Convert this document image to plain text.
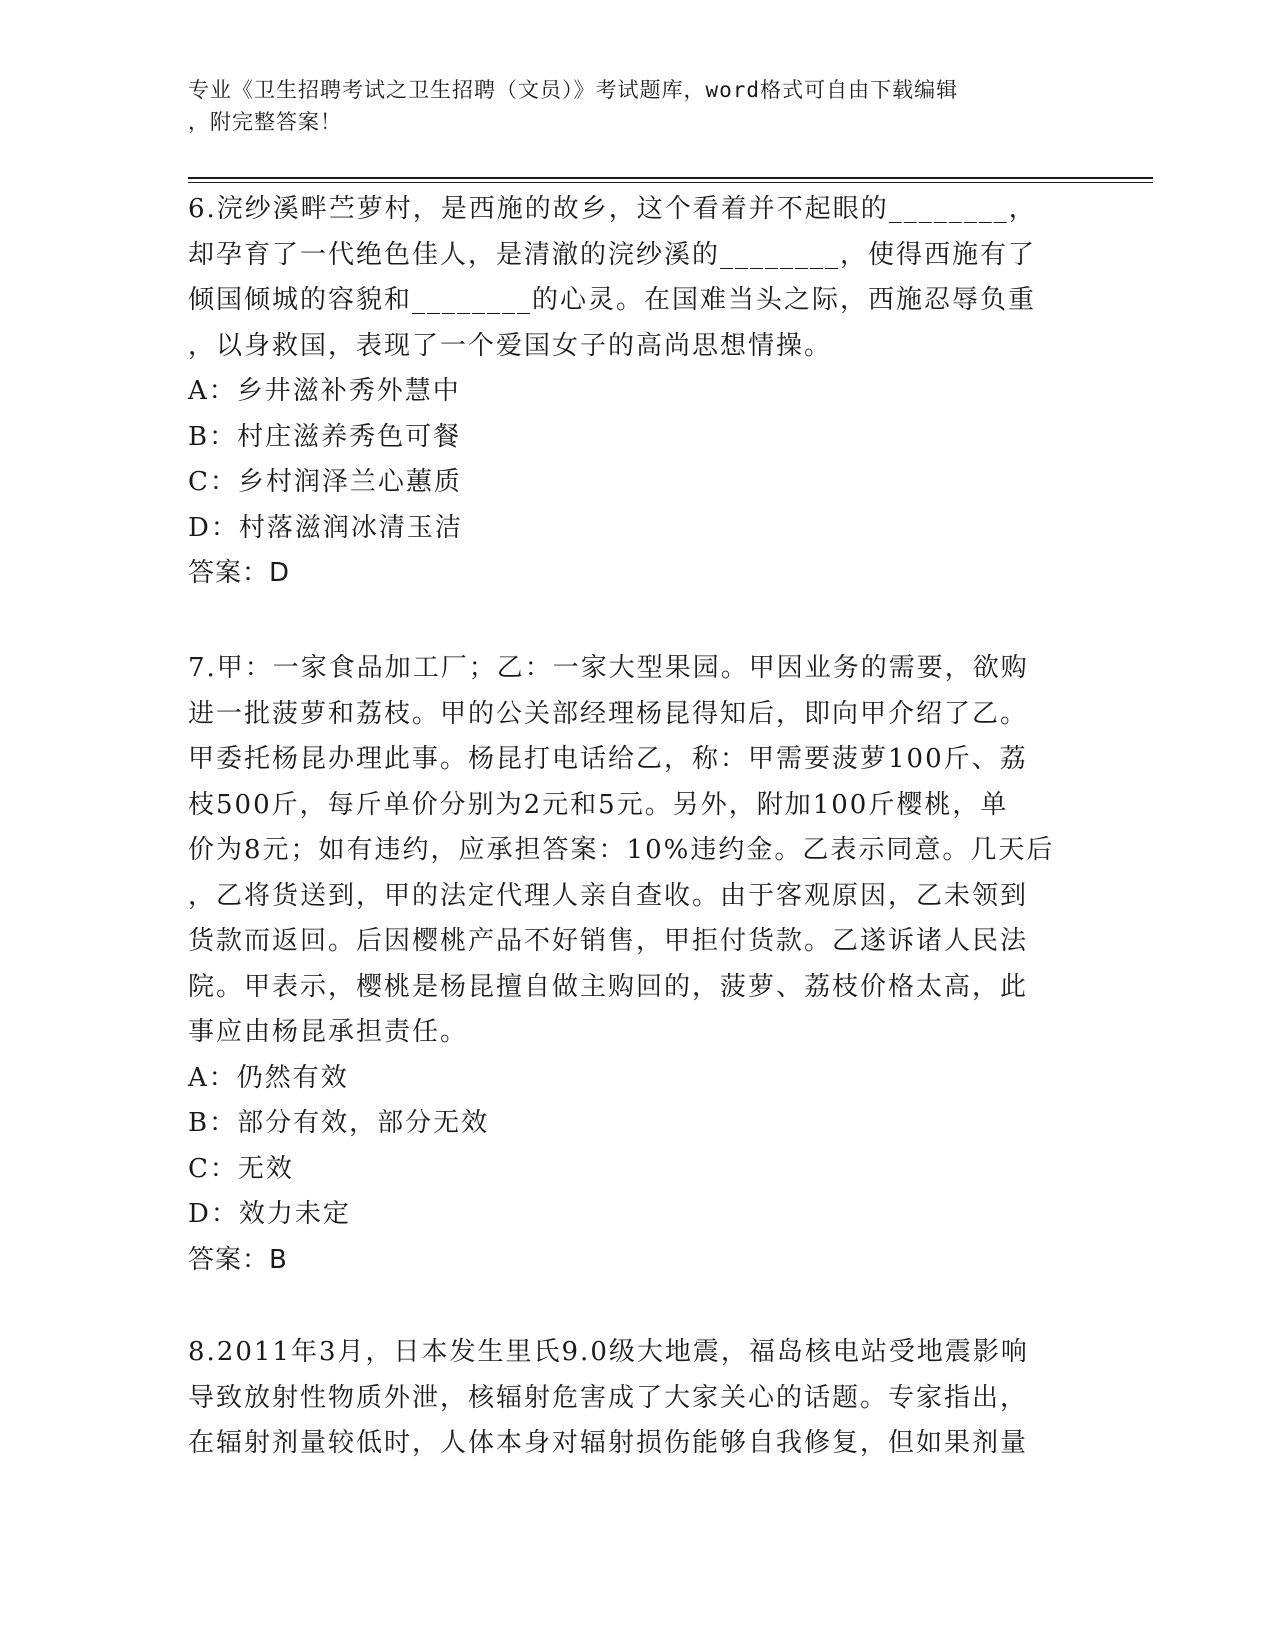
专业《卫生招聘考试之卫生招聘（文员）》考试题库，word格式可自由下载编辑
，附完整答案！
6.浣纱溪畔苎萝村，是西施的故乡，这个看着并不起眼的________，
却孕育了一代绝色佳人，是清澈的浣纱溪的________，使得西施有了
倾国倾城的容貌和________的心灵。在国难当头之际，西施忍辱负重
，以身救国，表现了一个爱国女子的高尚思想情操。
A：乡井滋补秀外慧中
B：村庄滋养秀色可餐
C：乡村润泽兰心蕙质
D：村落滋润冰清玉洁
答案：D
7.甲：一家食品加工厂；乙：一家大型果园。甲因业务的需要，欲购
进一批菠萝和荔枝。甲的公关部经理杨昆得知后，即向甲介绍了乙。
甲委托杨昆办理此事。杨昆打电话给乙，称：甲需要菠萝100斤、荔
枝500斤，每斤单价分别为2元和5元。另外，附加100斤樱桃，单
价为8元；如有违约，应承担答案：10%违约金。乙表示同意。几天后
，乙将货送到，甲的法定代理人亲自查收。由于客观原因，乙未领到
货款而返回。后因樱桃产品不好销售，甲拒付货款。乙遂诉诸人民法
院。甲表示，樱桃是杨昆擅自做主购回的，菠萝、荔枝价格太高，此
事应由杨昆承担责任。
A：仍然有效
B：部分有效，部分无效
C：无效
D：效力未定
答案：B
8.2011年3月，日本发生里氏9.0级大地震，福岛核电站受地震影响
导致放射性物质外泄，核辐射危害成了大家关心的话题。专家指出，
在辐射剂量较低时，人体本身对辐射损伤能够自我修复，但如果剂量
